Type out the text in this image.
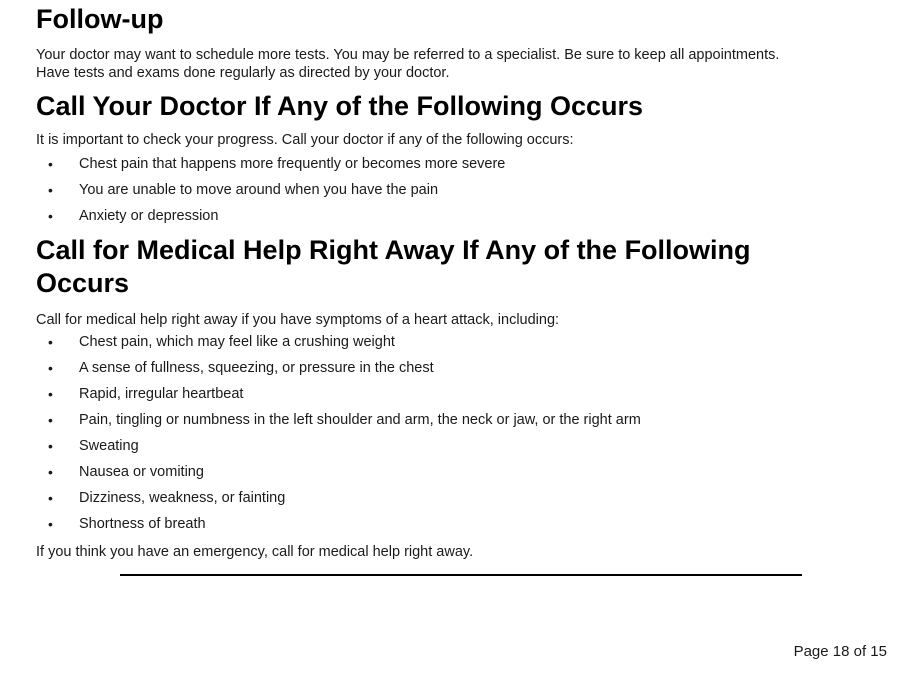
Follow-up

Your doctor may want to schedule more tests. You may be referred to a specialist. Be sure to keep all appointments.
Have tests and exams done regularly as directed by your doctor.

Call Your Doctor If Any of the Following Occurs

It is important to check your progress. Call your doctor if any of the following occurs:

• Chest pain that happens more frequently or becomes more severe
• You are unable to move around when you have the pain
• Anxiety or depression
Call for Medical Help Right Away If Any of the Following
Occurs

Call for medical help right away if you have symptoms of a heart attack, including:

• Chest pain, which may feel like a crushing weight
• A sense of fullness, squeezing, or pressure in the chest
• Rapid, irregular heartbeat
• Pain, tingling or numbness in the left shoulder and arm, the neck or jaw, or the right arm
• Sweating
• Nausea or vomiting
• Dizziness, weakness, or fainting
• Shortness of breath

If you think you have an emergency, call for medical help right away.

Page 18 of 15
